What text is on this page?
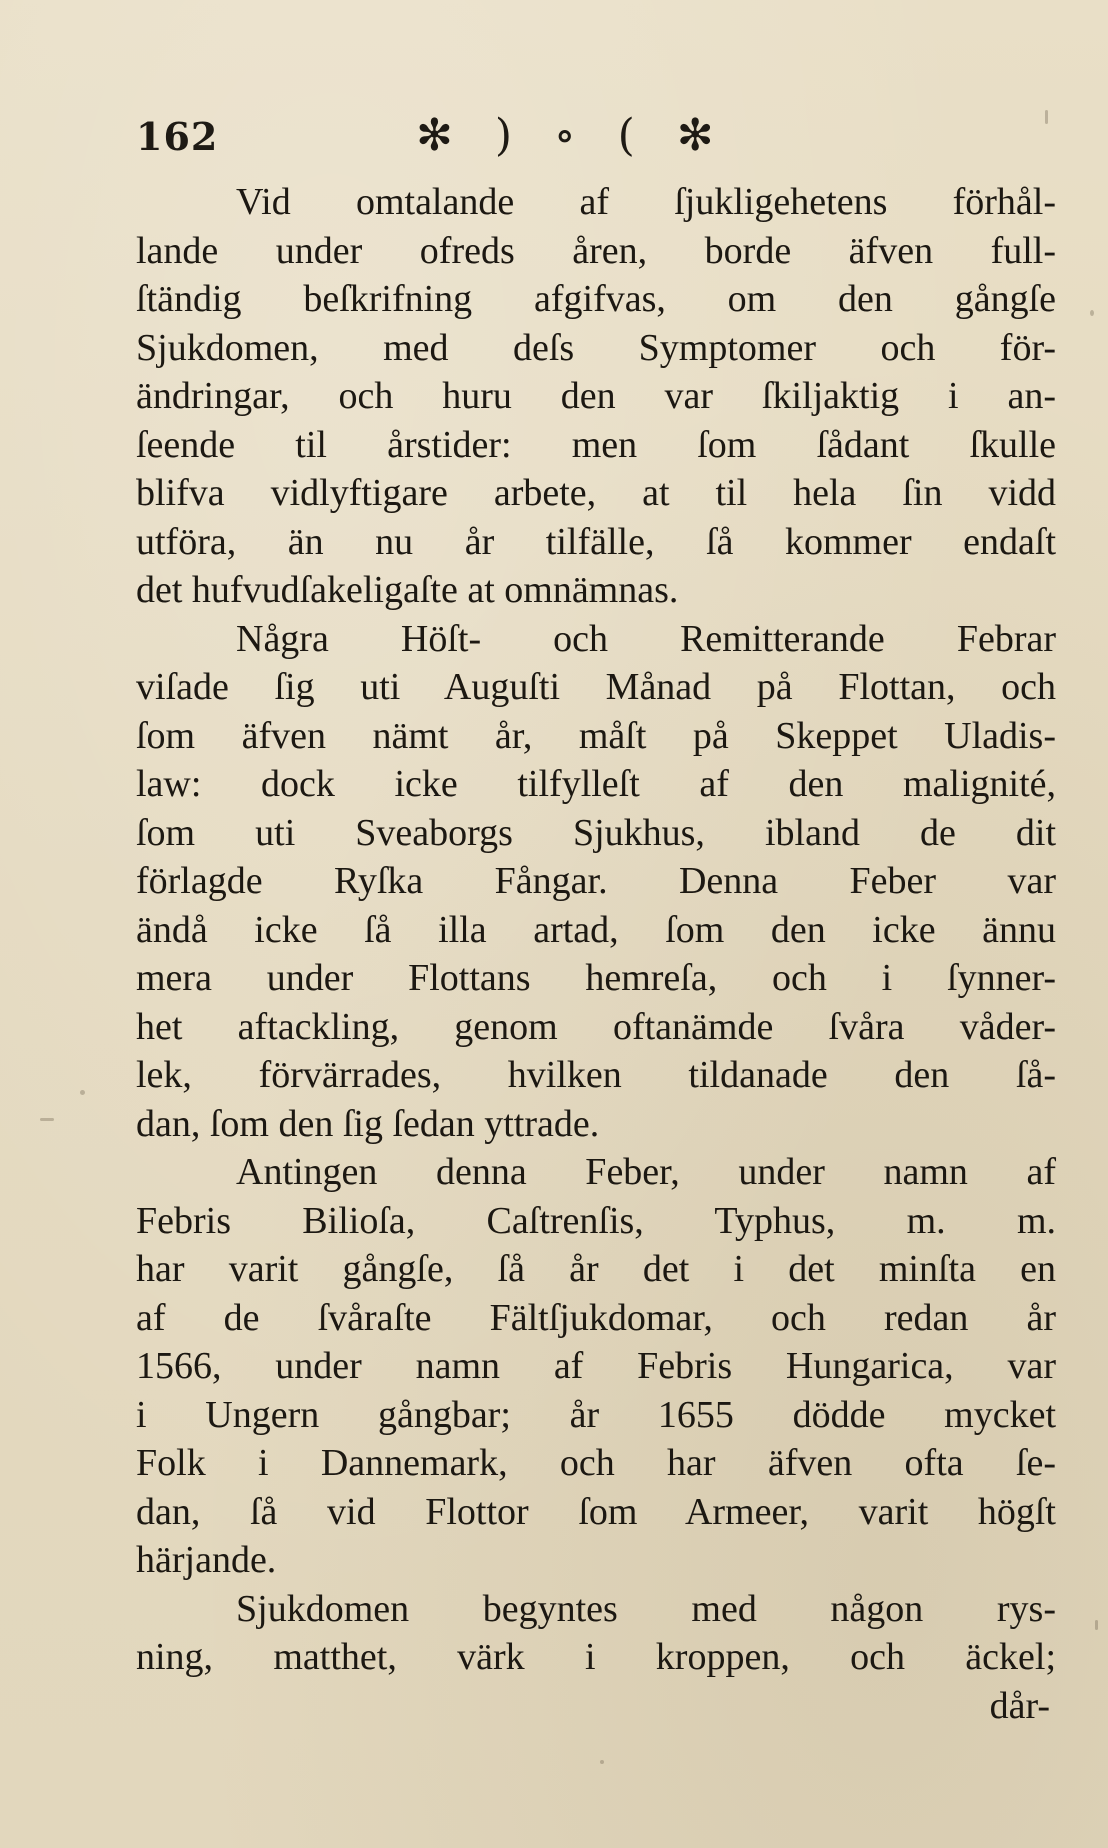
162	✻ ) ∘ ( ✻
Vid omtalande af ſjukligehetens förhål-
lande under ofreds åren, borde äfven full-
ſtändig beſkrifning afgifvas, om den gångſe
Sjukdomen, med deſs Symptomer och för-
ändringar, och huru den var ſkiljaktig i an-
ſeende til årstider: men ſom ſådant ſkulle
blifva vidlyftigare arbete, at til hela ſin vidd
utföra, än nu år tilfälle, ſå kommer endaſt
det hufvudſakeligaſte at omnämnas.
Några Höſt- och Remitterande Febrar
viſade ſig uti Auguſti Månad på Flottan, och
ſom äfven nämt år, måſt på Skeppet Uladis-
law: dock icke tilfylleſt af den malignité,
ſom uti Sveaborgs Sjukhus, ibland de dit
förlagde Ryſka Fångar. Denna Feber var
ändå icke ſå illa artad, ſom den icke ännu
mera under Flottans hemreſa, och i ſynner-
het aftackling, genom oftanämde ſvåra våder-
lek, förvärrades, hvilken tildanade den ſå-
dan, ſom den ſig ſedan yttrade.
Antingen denna Feber, under namn af
Febris Bilioſa, Caſtrenſis, Typhus, m. m.
har varit gångſe, ſå år det i det minſta en
af de ſvåraſte Fältſjukdomar, och redan år
1566, under namn af Febris Hungarica, var
i Ungern gångbar; år 1655 dödde mycket
Folk i Dannemark, och har äfven ofta ſe-
dan, ſå vid Flottor ſom Armeer, varit högſt
härjande.
Sjukdomen begyntes med någon rys-
ning, matthet, värk i kroppen, och äckel;
dår-
